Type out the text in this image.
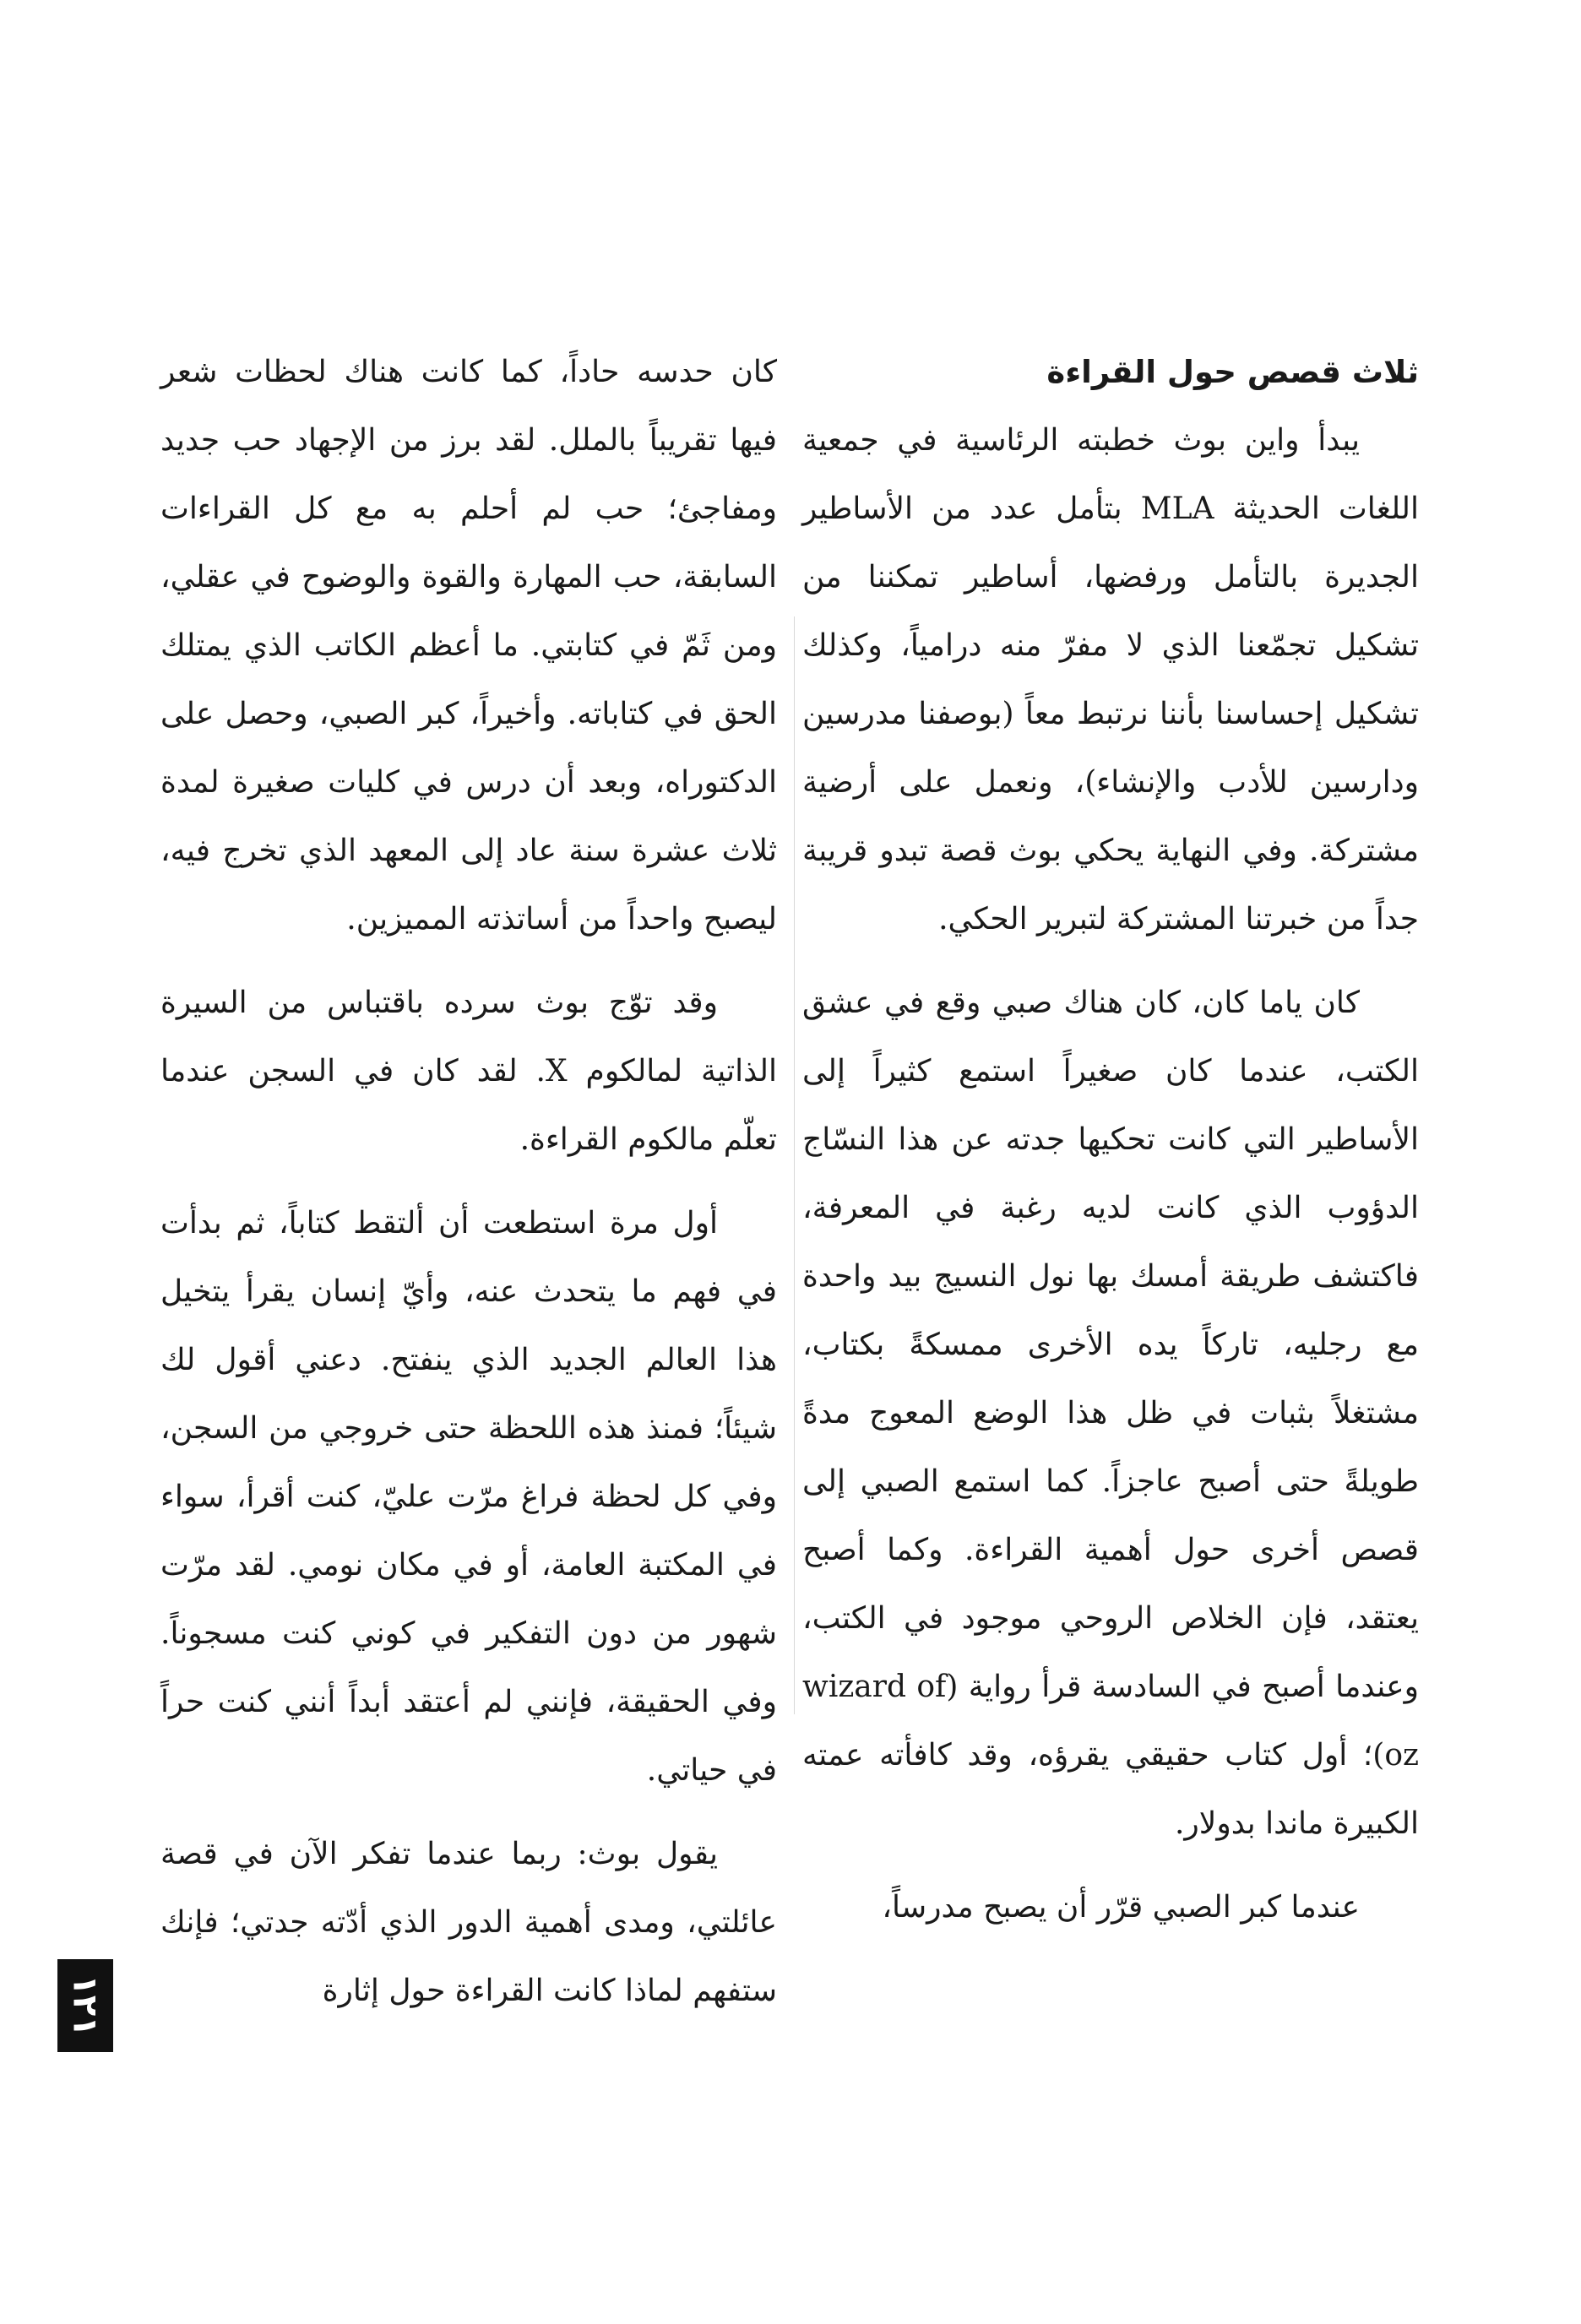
ثلاث قصص حول القراءة

يبدأ واين بوث خطبته الرئاسية في جمعية اللغات الحديثة MLA بتأمل عدد من الأساطير الجديرة بالتأمل ورفضها، أساطير تمكننا من تشكيل تجمّعنا الذي لا مفرّ منه درامياً، وكذلك تشكيل إحساسنا بأننا نرتبط معاً (بوصفنا مدرسين ودارسين للأدب والإنشاء)، ونعمل على أرضية مشتركة. وفي النهاية يحكي بوث قصة تبدو قريبة جداً من خبرتنا المشتركة لتبرير الحكي.

كان ياما كان، كان هناك صبي وقع في عشق الكتب، عندما كان صغيراً استمع كثيراً إلى الأساطير التي كانت تحكيها جدته عن هذا النسّاج الدؤوب الذي كانت لديه رغبة في المعرفة، فاكتشف طريقة أمسك بها نول النسيج بيد واحدة مع رجليه، تاركاً يده الأخرى ممسكةً بكتاب، مشتغلاً بثبات في ظل هذا الوضع المعوج مدةً طويلةً حتى أصبح عاجزاً. كما استمع الصبي إلى قصص أخرى حول أهمية القراءة. وكما أصبح يعتقد، فإن الخلاص الروحي موجود في الكتب، وعندما أصبح في السادسة قرأ رواية (wizard of oz)؛ أول كتاب حقيقي يقرؤه، وقد كافأته عمته الكبيرة ماندا بدولار.

عندما كبر الصبي قرّر أن يصبح مدرساً،

كان حدسه حاداً، كما كانت هناك لحظات شعر فيها تقريباً بالملل. لقد برز من الإجهاد حب جديد ومفاجئ؛ حب لم أحلم به مع كل القراءات السابقة، حب المهارة والقوة والوضوح في عقلي، ومن ثَمّ في كتابتي. ما أعظم الكاتب الذي يمتلك الحق في كتاباته. وأخيراً، كبر الصبي، وحصل على الدكتوراه، وبعد أن درس في كليات صغيرة لمدة ثلاث عشرة سنة عاد إلى المعهد الذي تخرج فيه، ليصبح واحداً من أساتذته المميزين.

وقد توّج بوث سرده باقتباس من السيرة الذاتية لمالكوم X. لقد كان في السجن عندما تعلّم مالكوم القراءة.

أول مرة استطعت أن ألتقط كتاباً، ثم بدأت في فهم ما يتحدث عنه، وأيّ إنسان يقرأ يتخيل هذا العالم الجديد الذي ينفتح. دعني أقول لك شيئاً؛ فمنذ هذه اللحظة حتى خروجي من السجن، وفي كل لحظة فراغ مرّت عليّ، كنت أقرأ، سواء في المكتبة العامة، أو في مكان نومي. لقد مرّت شهور من دون التفكير في كوني كنت مسجوناً. وفي الحقيقة، فإنني لم أعتقد أبداً أنني كنت حراً في حياتي.

يقول بوث: ربما عندما تفكر الآن في قصة عائلتي، ومدى أهمية الدور الذي أدّته جدتي؛ فإنك ستفهم لماذا كانت القراءة حول إثارة

١٢١
